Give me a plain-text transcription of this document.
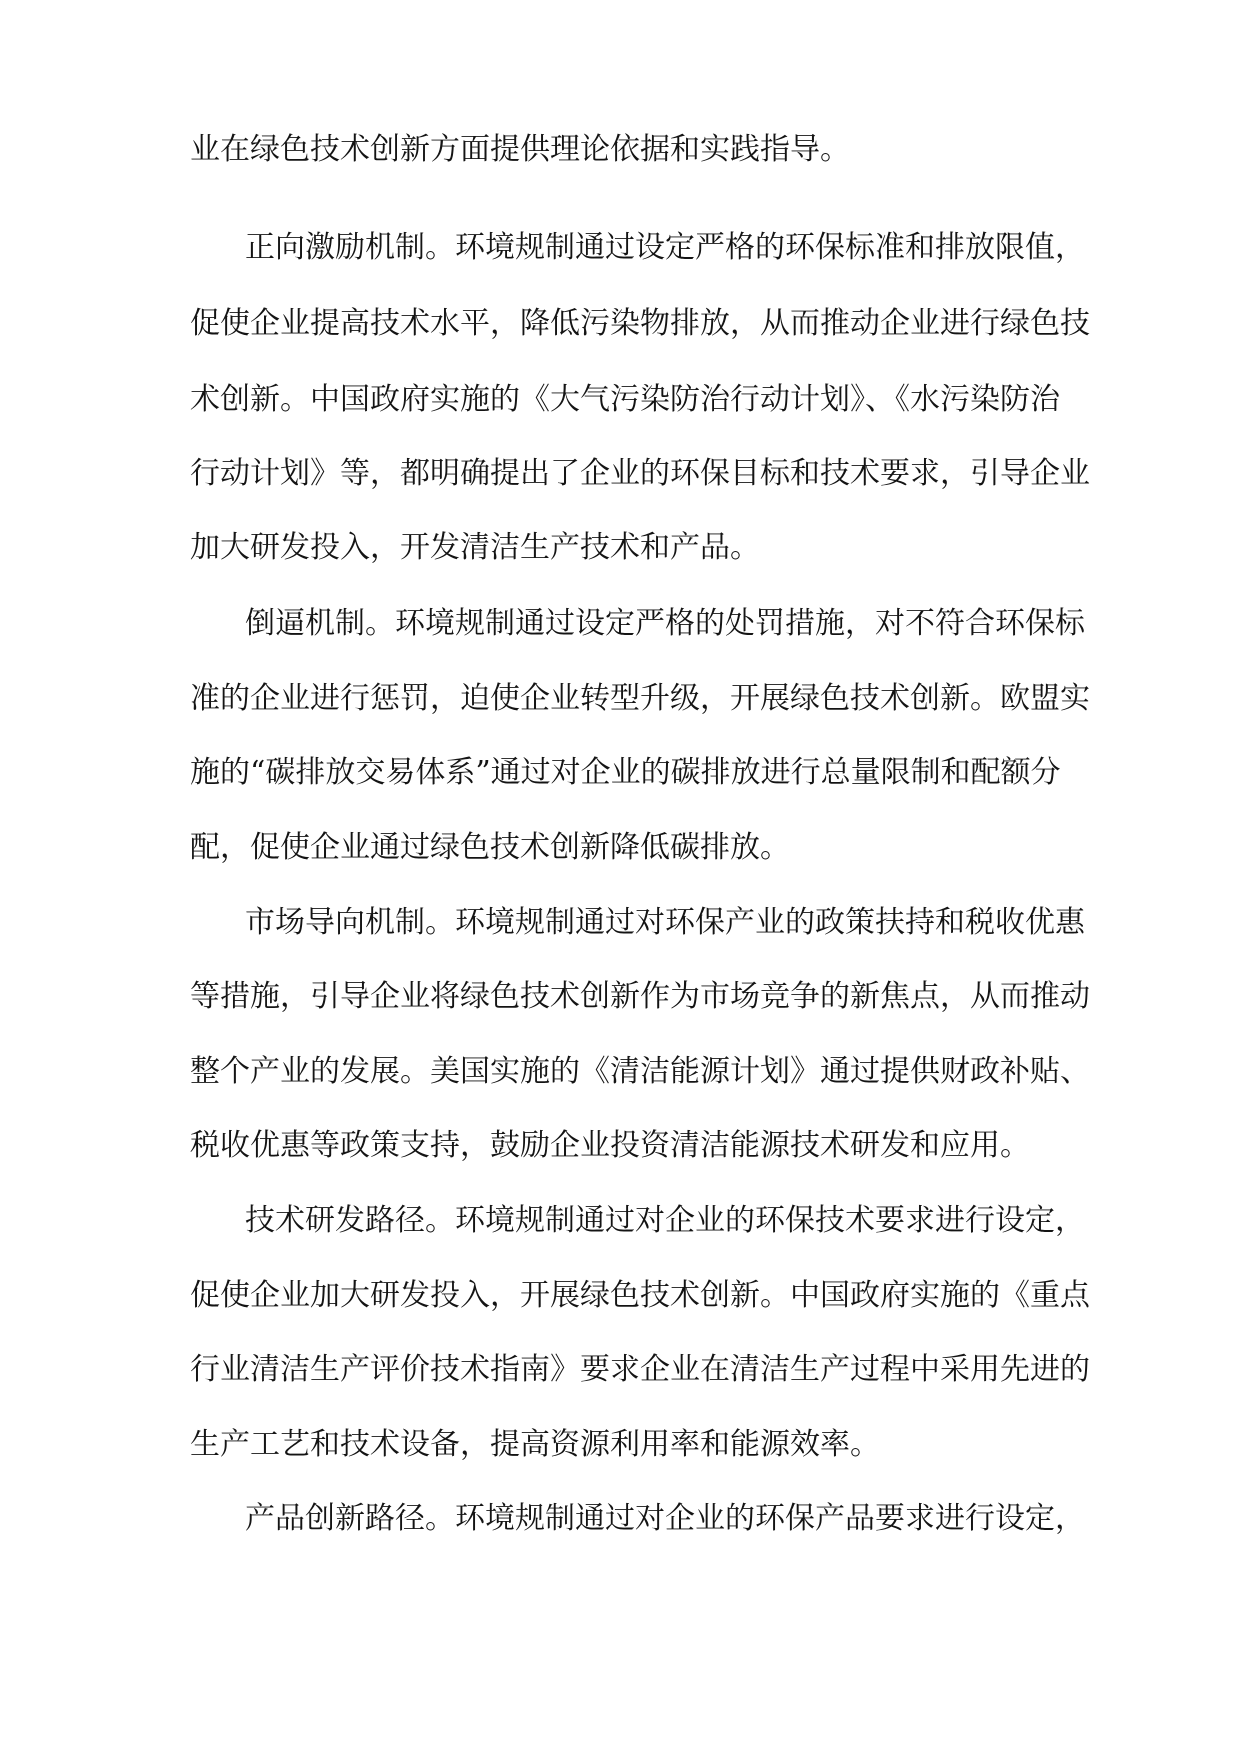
业在绿色技术创新方面提供理论依据和实践指导。

正向激励机制。环境规制通过设定严格的环保标准和排放限值，

促使企业提高技术水平，降低污染物排放，从而推动企业进行绿色技

术创新。中国政府实施的《大气污染防治行动计划》、《水污染防治

行动计划》等，都明确提出了企业的环保目标和技术要求，引导企业

加大研发投入，开发清洁生产技术和产品。

倒逼机制。环境规制通过设定严格的处罚措施，对不符合环保标

准的企业进行惩罚，迫使企业转型升级，开展绿色技术创新。欧盟实

施的“碳排放交易体系”通过对企业的碳排放进行总量限制和配额分

配，促使企业通过绿色技术创新降低碳排放。

市场导向机制。环境规制通过对环保产业的政策扶持和税收优惠

等措施，引导企业将绿色技术创新作为市场竞争的新焦点，从而推动

整个产业的发展。美国实施的《清洁能源计划》通过提供财政补贴、

税收优惠等政策支持，鼓励企业投资清洁能源技术研发和应用。

技术研发路径。环境规制通过对企业的环保技术要求进行设定，

促使企业加大研发投入，开展绿色技术创新。中国政府实施的《重点

行业清洁生产评价技术指南》要求企业在清洁生产过程中采用先进的

生产工艺和技术设备，提高资源利用率和能源效率。

产品创新路径。环境规制通过对企业的环保产品要求进行设定，
